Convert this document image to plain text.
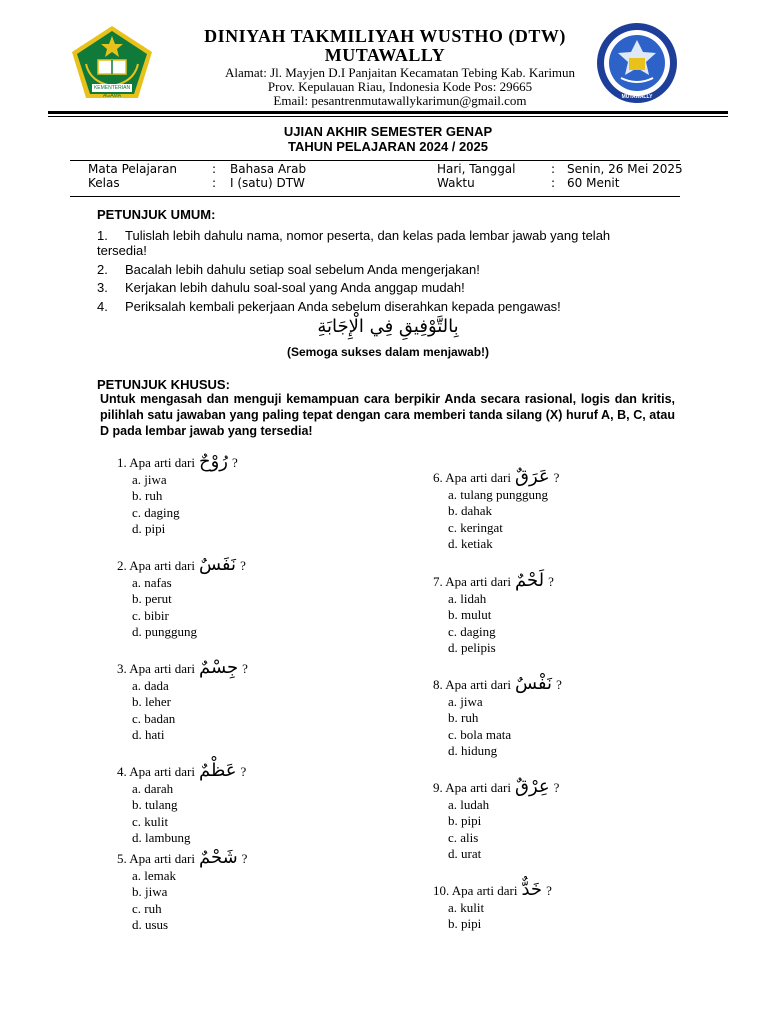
KEMENTERIAN AGAMA	MUTAWALLY
DINIYAH TAKMILIYAH WUSTHO (DTW)
MUTAWALLY
Alamat: Jl. Mayjen D.I Panjaitan Kecamatan Tebing Kab. Karimun
Prov. Kepulauan Riau, Indonesia Kode Pos: 29665
Email: pesantrenmutawallykarimun@gmail.com
UJIAN AKHIR SEMESTER GENAP
TAHUN PELAJARAN 2024 / 2025
Mata Pelajaran	: Bahasa Arab	Hari, Tanggal	: Senin, 26 Mei 2025
Kelas	: I (satu) DTW	Waktu	: 60 Menit
PETUNJUK UMUM:
1. Tulislah lebih dahulu nama, nomor peserta, dan kelas pada lembar jawab yang telah
tersedia!
2. Bacalah lebih dahulu setiap soal sebelum Anda mengerjakan!
3. Kerjakan lebih dahulu soal-soal yang Anda anggap mudah!
4. Periksalah kembali pekerjaan Anda sebelum diserahkan kepada pengawas!
بِالتَّوْفِيقِ فِي الْإِجَابَةِ
(Semoga sukses dalam menjawab!)
PETUNJUK KHUSUS:
Untuk mengasah dan menguji kemampuan cara berpikir Anda secara rasional, logis dan kritis, pilihlah satu jawaban yang paling tepat dengan cara memberi tanda silang (X) huruf A, B, C, atau D pada lembar jawab yang tersedia!
1. Apa arti dari رُوْحٌ ?
a. jiwa
b. ruh
c. daging
d. pipi
2. Apa arti dari نَفَسٌ ?
a. nafas
b. perut
c. bibir
d. punggung
3. Apa arti dari جِسْمٌ ?
a. dada
b. leher
c. badan
d. hati
4. Apa arti dari عَظْمٌ ?
a. darah
b. tulang
c. kulit
d. lambung
5. Apa arti dari شَحْمٌ ?
a. lemak
b. jiwa
c. ruh
d. usus
6. Apa arti dari عَرَقٌ ?
a. tulang punggung
b. dahak
c. keringat
d. ketiak
7. Apa arti dari لَحْمٌ ?
a. lidah
b. mulut
c. daging
d. pelipis
8. Apa arti dari نَفْسٌ ?
a. jiwa
b. ruh
c. bola mata
d. hidung
9. Apa arti dari عِرْقٌ ?
a. ludah
b. pipi
c. alis
d. urat
10. Apa arti dari خَدٌّ ?
a. kulit
b. pipi
